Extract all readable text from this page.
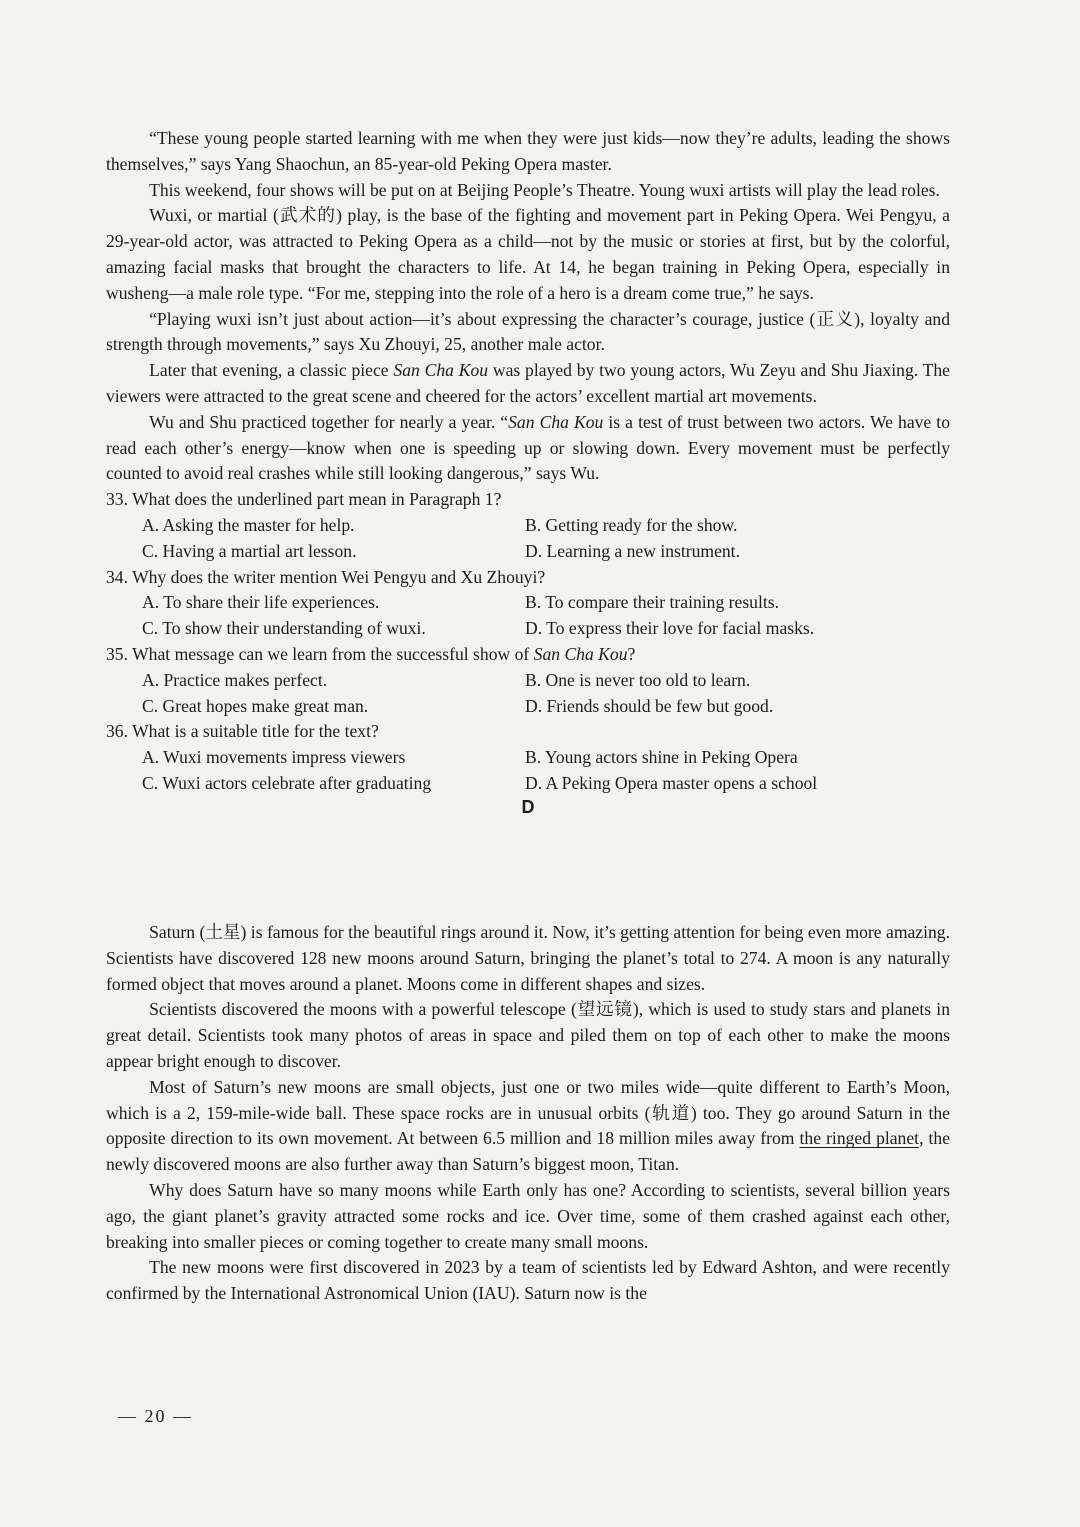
“These young people started learning with me when they were just kids—now they’re adults, leading the shows themselves,” says Yang Shaochun, an 85-year-old Peking Opera master.

This weekend, four shows will be put on at Beijing People’s Theatre. Young wuxi artists will play the lead roles.

Wuxi, or martial (武术的) play, is the base of the fighting and movement part in Peking Opera. Wei Pengyu, a 29-year-old actor, was attracted to Peking Opera as a child—not by the music or stories at first, but by the colorful, amazing facial masks that brought the characters to life. At 14, he began training in Peking Opera, especially in wusheng—a male role type. “For me, stepping into the role of a hero is a dream come true,” he says.

“Playing wuxi isn’t just about action—it’s about expressing the character’s courage, justice (正义), loyalty and strength through movements,” says Xu Zhouyi, 25, another male actor.

Later that evening, a classic piece San Cha Kou was played by two young actors, Wu Zeyu and Shu Jiaxing. The viewers were attracted to the great scene and cheered for the actors’ excellent martial art movements.

Wu and Shu practiced together for nearly a year. “San Cha Kou is a test of trust between two actors. We have to read each other’s energy—know when one is speeding up or slowing down. Every movement must be perfectly counted to avoid real crashes while still looking dangerous,” says Wu.

33. What does the underlined part mean in Paragraph 1?
A. Asking the master for help.	B. Getting ready for the show.
C. Having a martial art lesson.	D. Learning a new instrument.
34. Why does the writer mention Wei Pengyu and Xu Zhouyi?
A. To share their life experiences.	B. To compare their training results.
C. To show their understanding of wuxi.	D. To express their love for facial masks.
35. What message can we learn from the successful show of San Cha Kou?
A. Practice makes perfect.	B. One is never too old to learn.
C. Great hopes make great man.	D. Friends should be few but good.
36. What is a suitable title for the text?
A. Wuxi movements impress viewers	B. Young actors shine in Peking Opera
C. Wuxi actors celebrate after graduating	D. A Peking Opera master opens a school
D

Saturn (土星) is famous for the beautiful rings around it. Now, it’s getting attention for being even more amazing. Scientists have discovered 128 new moons around Saturn, bringing the planet’s total to 274. A moon is any naturally formed object that moves around a planet. Moons come in different shapes and sizes.

Scientists discovered the moons with a powerful telescope (望远镜), which is used to study stars and planets in great detail. Scientists took many photos of areas in space and piled them on top of each other to make the moons appear bright enough to discover.

Most of Saturn’s new moons are small objects, just one or two miles wide—quite different to Earth’s Moon, which is a 2, 159-mile-wide ball. These space rocks are in unusual orbits (轨道) too. They go around Saturn in the opposite direction to its own movement. At between 6.5 million and 18 million miles away from the ringed planet, the newly discovered moons are also further away than Saturn’s biggest moon, Titan.

Why does Saturn have so many moons while Earth only has one? According to scientists, several billion years ago, the giant planet’s gravity attracted some rocks and ice. Over time, some of them crashed against each other, breaking into smaller pieces or coming together to create many small moons.

The new moons were first discovered in 2023 by a team of scientists led by Edward Ashton, and were recently confirmed by the International Astronomical Union (IAU). Saturn now is the

— 20 —
